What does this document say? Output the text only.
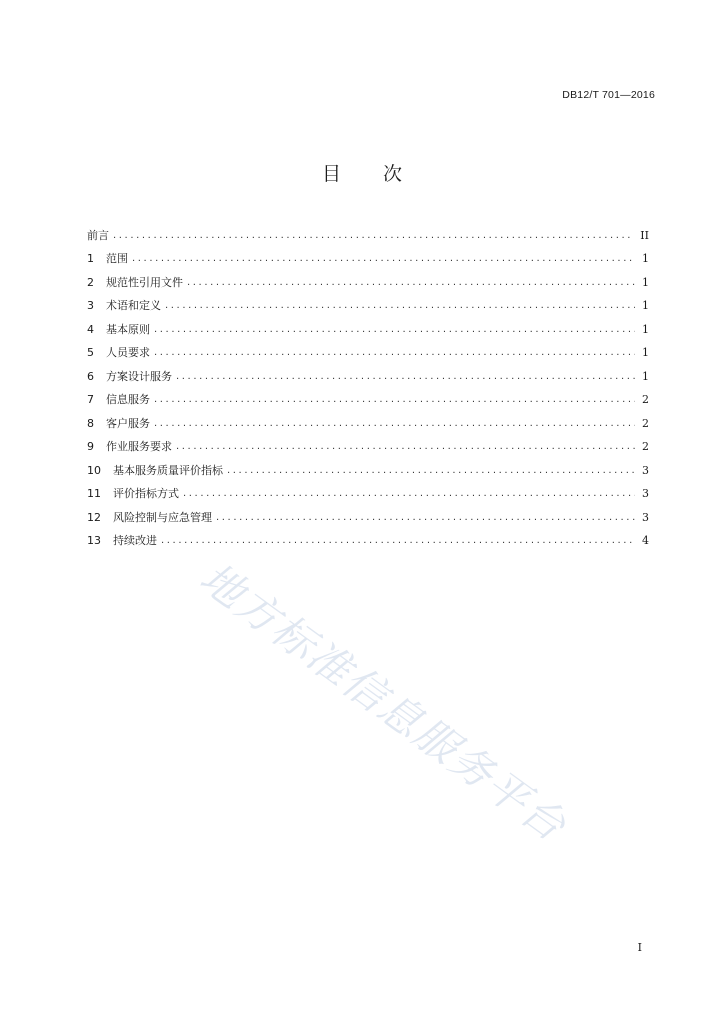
DB12/T 701—2016
目 次
前言 .....	II
1	范围 .....	1
2	规范性引用文件 .....	1
3	术语和定义 .....	1
4	基本原则 .....	1
5	人员要求 .....	1
6	方案设计服务 .....	1
7	信息服务 .....	2
8	客户服务 .....	2
9	作业服务要求 .....	2
10	基本服务质量评价指标 .....	3
11	评价指标方式 .....	3
12	风险控制与应急管理 .....	3
13	持续改进 .....	4
地方标准信息服务平台
I
